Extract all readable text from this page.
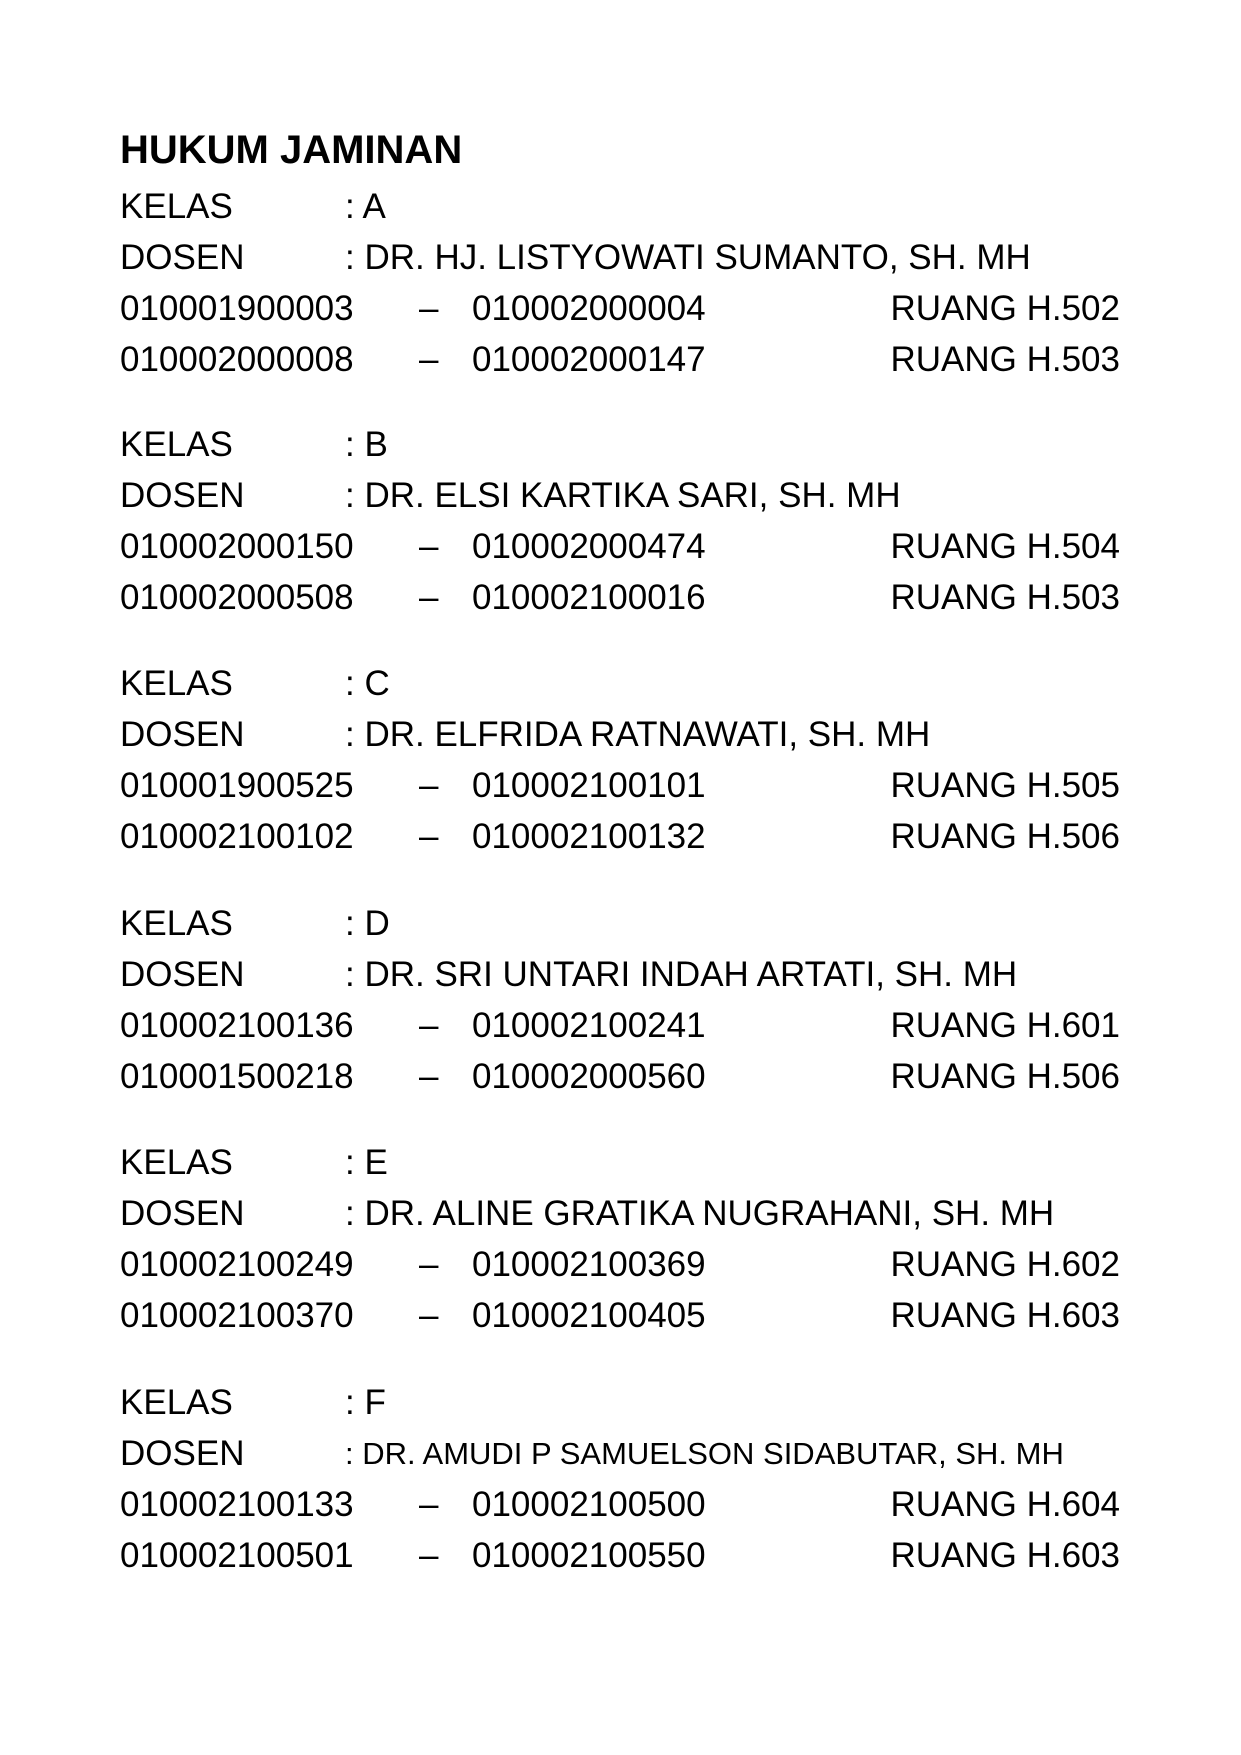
HUKUM JAMINAN
KELAS	: A
DOSEN	: DR. HJ. LISTYOWATI SUMANTO, SH. MH
010001900003 – 010002000004	RUANG H.502
010002000008 – 010002000147	RUANG H.503
KELAS	: B
DOSEN	: DR. ELSI KARTIKA SARI, SH. MH
010002000150 – 010002000474	RUANG H.504
010002000508 – 010002100016	RUANG H.503
KELAS	: C
DOSEN	: DR. ELFRIDA RATNAWATI, SH. MH
010001900525 – 010002100101	RUANG H.505
010002100102 – 010002100132	RUANG H.506
KELAS	: D
DOSEN	: DR. SRI UNTARI INDAH ARTATI, SH. MH
010002100136 – 010002100241	RUANG H.601
010001500218 – 010002000560	RUANG H.506
KELAS	: E
DOSEN	: DR. ALINE GRATIKA NUGRAHANI, SH. MH
010002100249 – 010002100369	RUANG H.602
010002100370 – 010002100405	RUANG H.603
KELAS	: F
DOSEN	: DR. AMUDI P SAMUELSON SIDABUTAR, SH. MH
010002100133 – 010002100500	RUANG H.604
010002100501 – 010002100550	RUANG H.603
